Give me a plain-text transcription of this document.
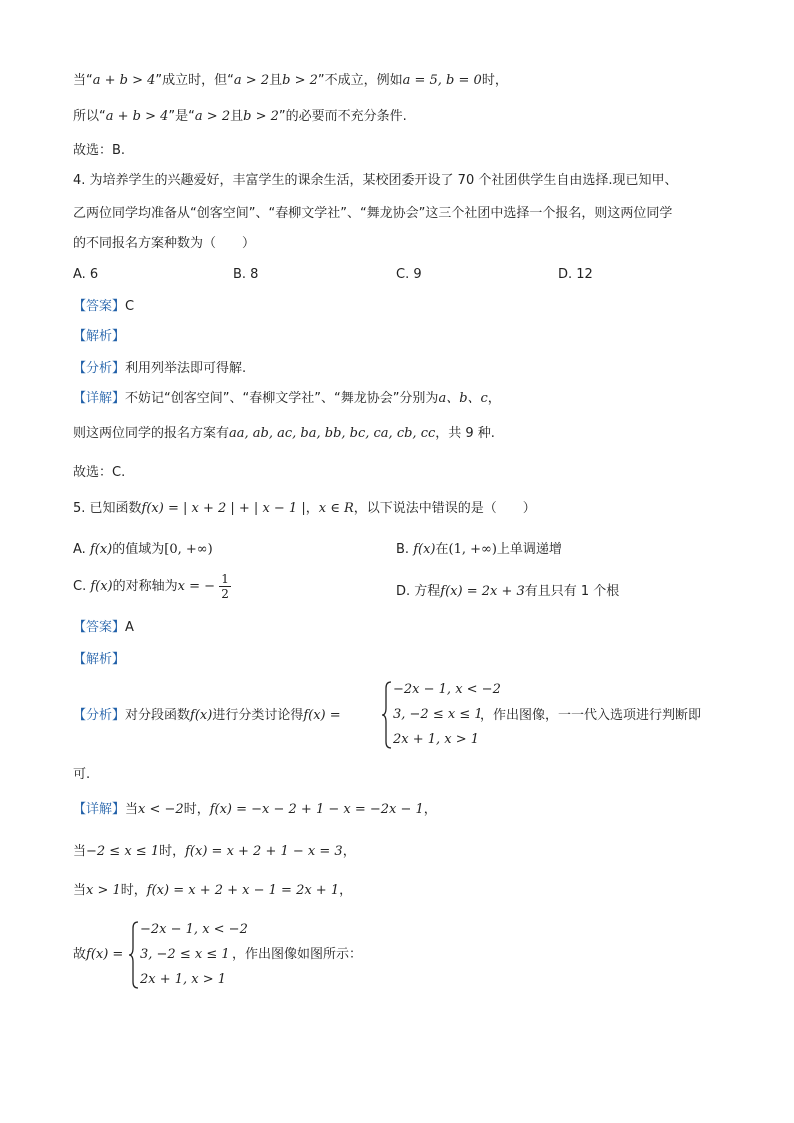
当“a + b > 4”成立时，但“a > 2且b > 2”不成立，例如a = 5, b = 0时，
所以“a + b > 4”是“a > 2且b > 2”的必要而不充分条件.
故选：B.
4. 为培养学生的兴趣爱好，丰富学生的课余生活，某校团委开设了 70 个社团供学生自由选择.现已知甲、
乙两位同学均准备从“创客空间”、“春柳文学社”、“舞龙协会”这三个社团中选择一个报名，则这两位同学
的不同报名方案种数为（　　）
A. 6	B. 8	C. 9	D. 12
【答案】C
【解析】
【分析】利用列举法即可得解.
【详解】不妨记“创客空间”、“春柳文学社”、“舞龙协会”分别为a、b、c，
则这两位同学的报名方案有aa, ab, ac, ba, bb, bc, ca, cb, cc，共 9 种.
故选：C.
5. 已知函数f(x) = | x + 2 | + | x − 1 |，x ∈ R，以下说法中错误的是（　　）
A. f(x)的值域为[0, +∞)	B. f(x)在(1, +∞)上单调递增
C. f(x)的对称轴为x = − $\frac{1}{2}$	D. 方程f(x) = 2x + 3有且只有 1 个根
【答案】A
【解析】
【分析】对分段函数f(x)进行分类讨论得f(x) =
−2x − 1, x < −2
3, −2 ≤ x ≤ 1
2x + 1, x > 1
，作出图像，一一代入选项进行判断即
可.
【详解】当x < −2时，f(x) = −x − 2 + 1 − x = −2x − 1，
当−2 ≤ x ≤ 1时，f(x) = x + 2 + 1 − x = 3，
当x > 1时，f(x) = x + 2 + x − 1 = 2x + 1，
故f(x) =
−2x − 1, x < −2
3, −2 ≤ x ≤ 1
2x + 1, x > 1
，作出图像如图所示：
